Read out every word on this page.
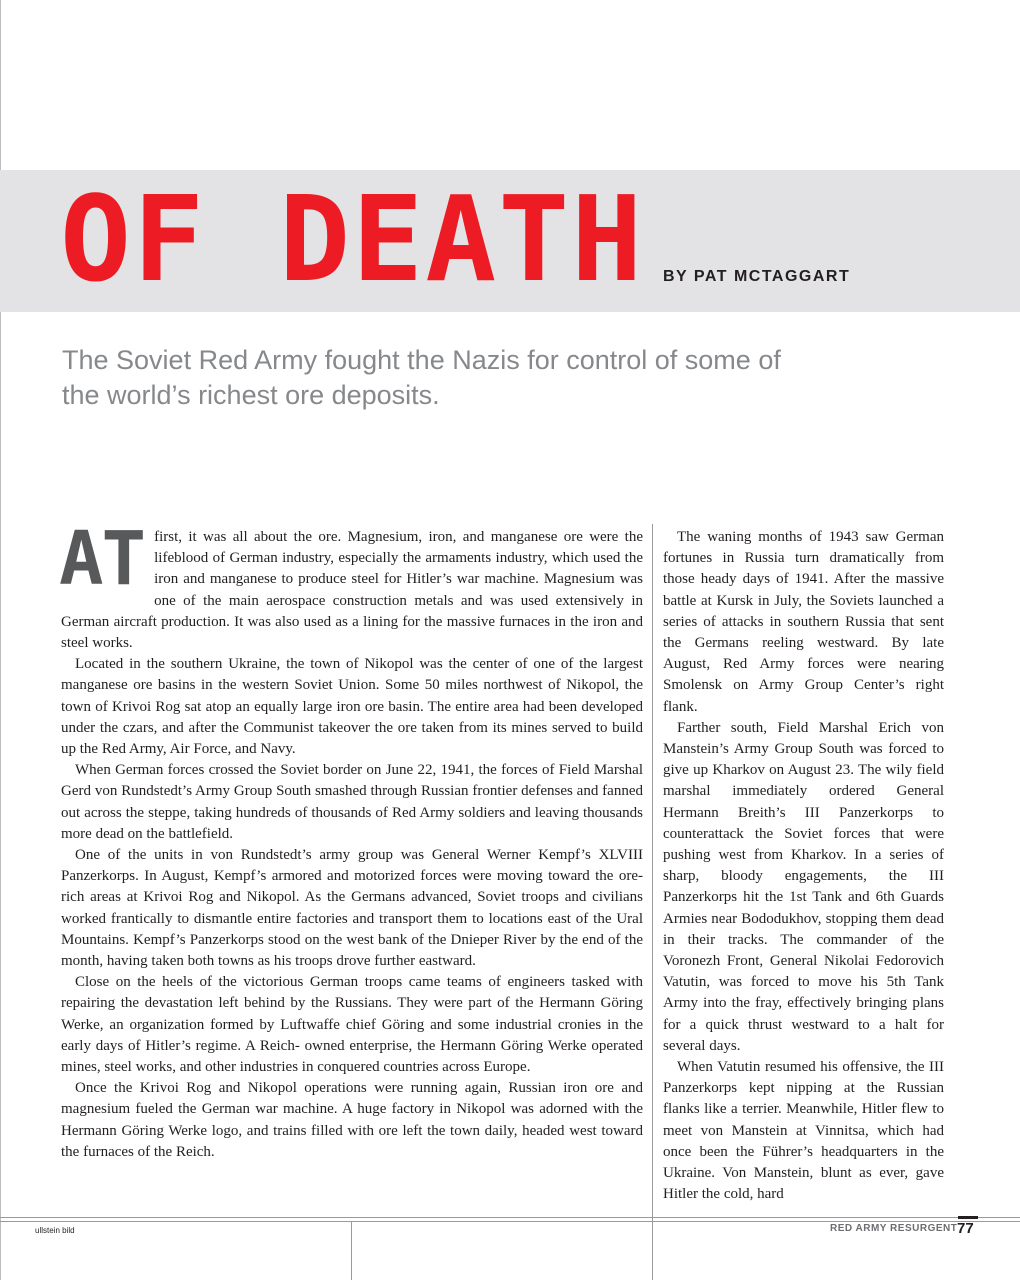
OF DEATH BY PAT MCTAGGART

The Soviet Red Army fought the Nazis for control of some of the world’s richest ore deposits.

AT first, it was all about the ore. Magnesium, iron, and manganese ore were the lifeblood of German industry, especially the armaments industry, which used the iron and manganese to produce steel for Hitler’s war machine. Magnesium was one of the main aerospace construction metals and was used extensively in German aircraft production. It was also used as a lining for the massive furnaces in the iron and steel works.

Located in the southern Ukraine, the town of Nikopol was the center of one of the largest manganese ore basins in the western Soviet Union. Some 50 miles northwest of Nikopol, the town of Krivoi Rog sat atop an equally large iron ore basin. The entire area had been developed under the czars, and after the Communist takeover the ore taken from its mines served to build up the Red Army, Air Force, and Navy.

When German forces crossed the Soviet border on June 22, 1941, the forces of Field Marshal Gerd von Rundstedt’s Army Group South smashed through Russian frontier defenses and fanned out across the steppe, taking hundreds of thousands of Red Army soldiers and leaving thousands more dead on the battlefield.

One of the units in von Rundstedt’s army group was General Werner Kempf’s XLVIII Panzerkorps. In August, Kempf’s armored and motorized forces were moving toward the ore-rich areas at Krivoi Rog and Nikopol. As the Germans advanced, Soviet troops and civilians worked frantically to dismantle entire factories and transport them to locations east of the Ural Mountains. Kempf’s Panzerkorps stood on the west bank of the Dnieper River by the end of the month, having taken both towns as his troops drove further eastward.

Close on the heels of the victorious German troops came teams of engineers tasked with repairing the devastation left behind by the Russians. They were part of the Hermann Göring Werke, an organization formed by Luftwaffe chief Göring and some industrial cronies in the early days of Hitler’s regime. A Reich- owned enterprise, the Hermann Göring Werke operated mines, steel works, and other industries in conquered countries across Europe.

Once the Krivoi Rog and Nikopol operations were running again, Russian iron ore and magnesium fueled the German war machine. A huge factory in Nikopol was adorned with the Hermann Göring Werke logo, and trains filled with ore left the town daily, headed west toward the furnaces of the Reich.

The waning months of 1943 saw German fortunes in Russia turn dramatically from those heady days of 1941. After the massive battle at Kursk in July, the Soviets launched a series of attacks in southern Russia that sent the Germans reeling westward. By late August, Red Army forces were nearing Smolensk on Army Group Center’s right flank.

Farther south, Field Marshal Erich von Manstein’s Army Group South was forced to give up Kharkov on August 23. The wily field marshal immediately ordered General Hermann Breith’s III Panzerkorps to counterattack the Soviet forces that were pushing west from Kharkov. In a series of sharp, bloody engagements, the III Panzerkorps hit the 1st Tank and 6th Guards Armies near Bododukhov, stopping them dead in their tracks. The commander of the Voronezh Front, General Nikolai Fedorovich Vatutin, was forced to move his 5th Tank Army into the fray, effectively bringing plans for a quick thrust westward to a halt for several days.

When Vatutin resumed his offensive, the III Panzerkorps kept nipping at the Russian flanks like a terrier. Meanwhile, Hitler flew to meet von Manstein at Vinnitsa, which had once been the Führer’s headquarters in the Ukraine. Von Manstein, blunt as ever, gave Hitler the cold, hard

ullstein bild	RED ARMY RESURGENT 77
